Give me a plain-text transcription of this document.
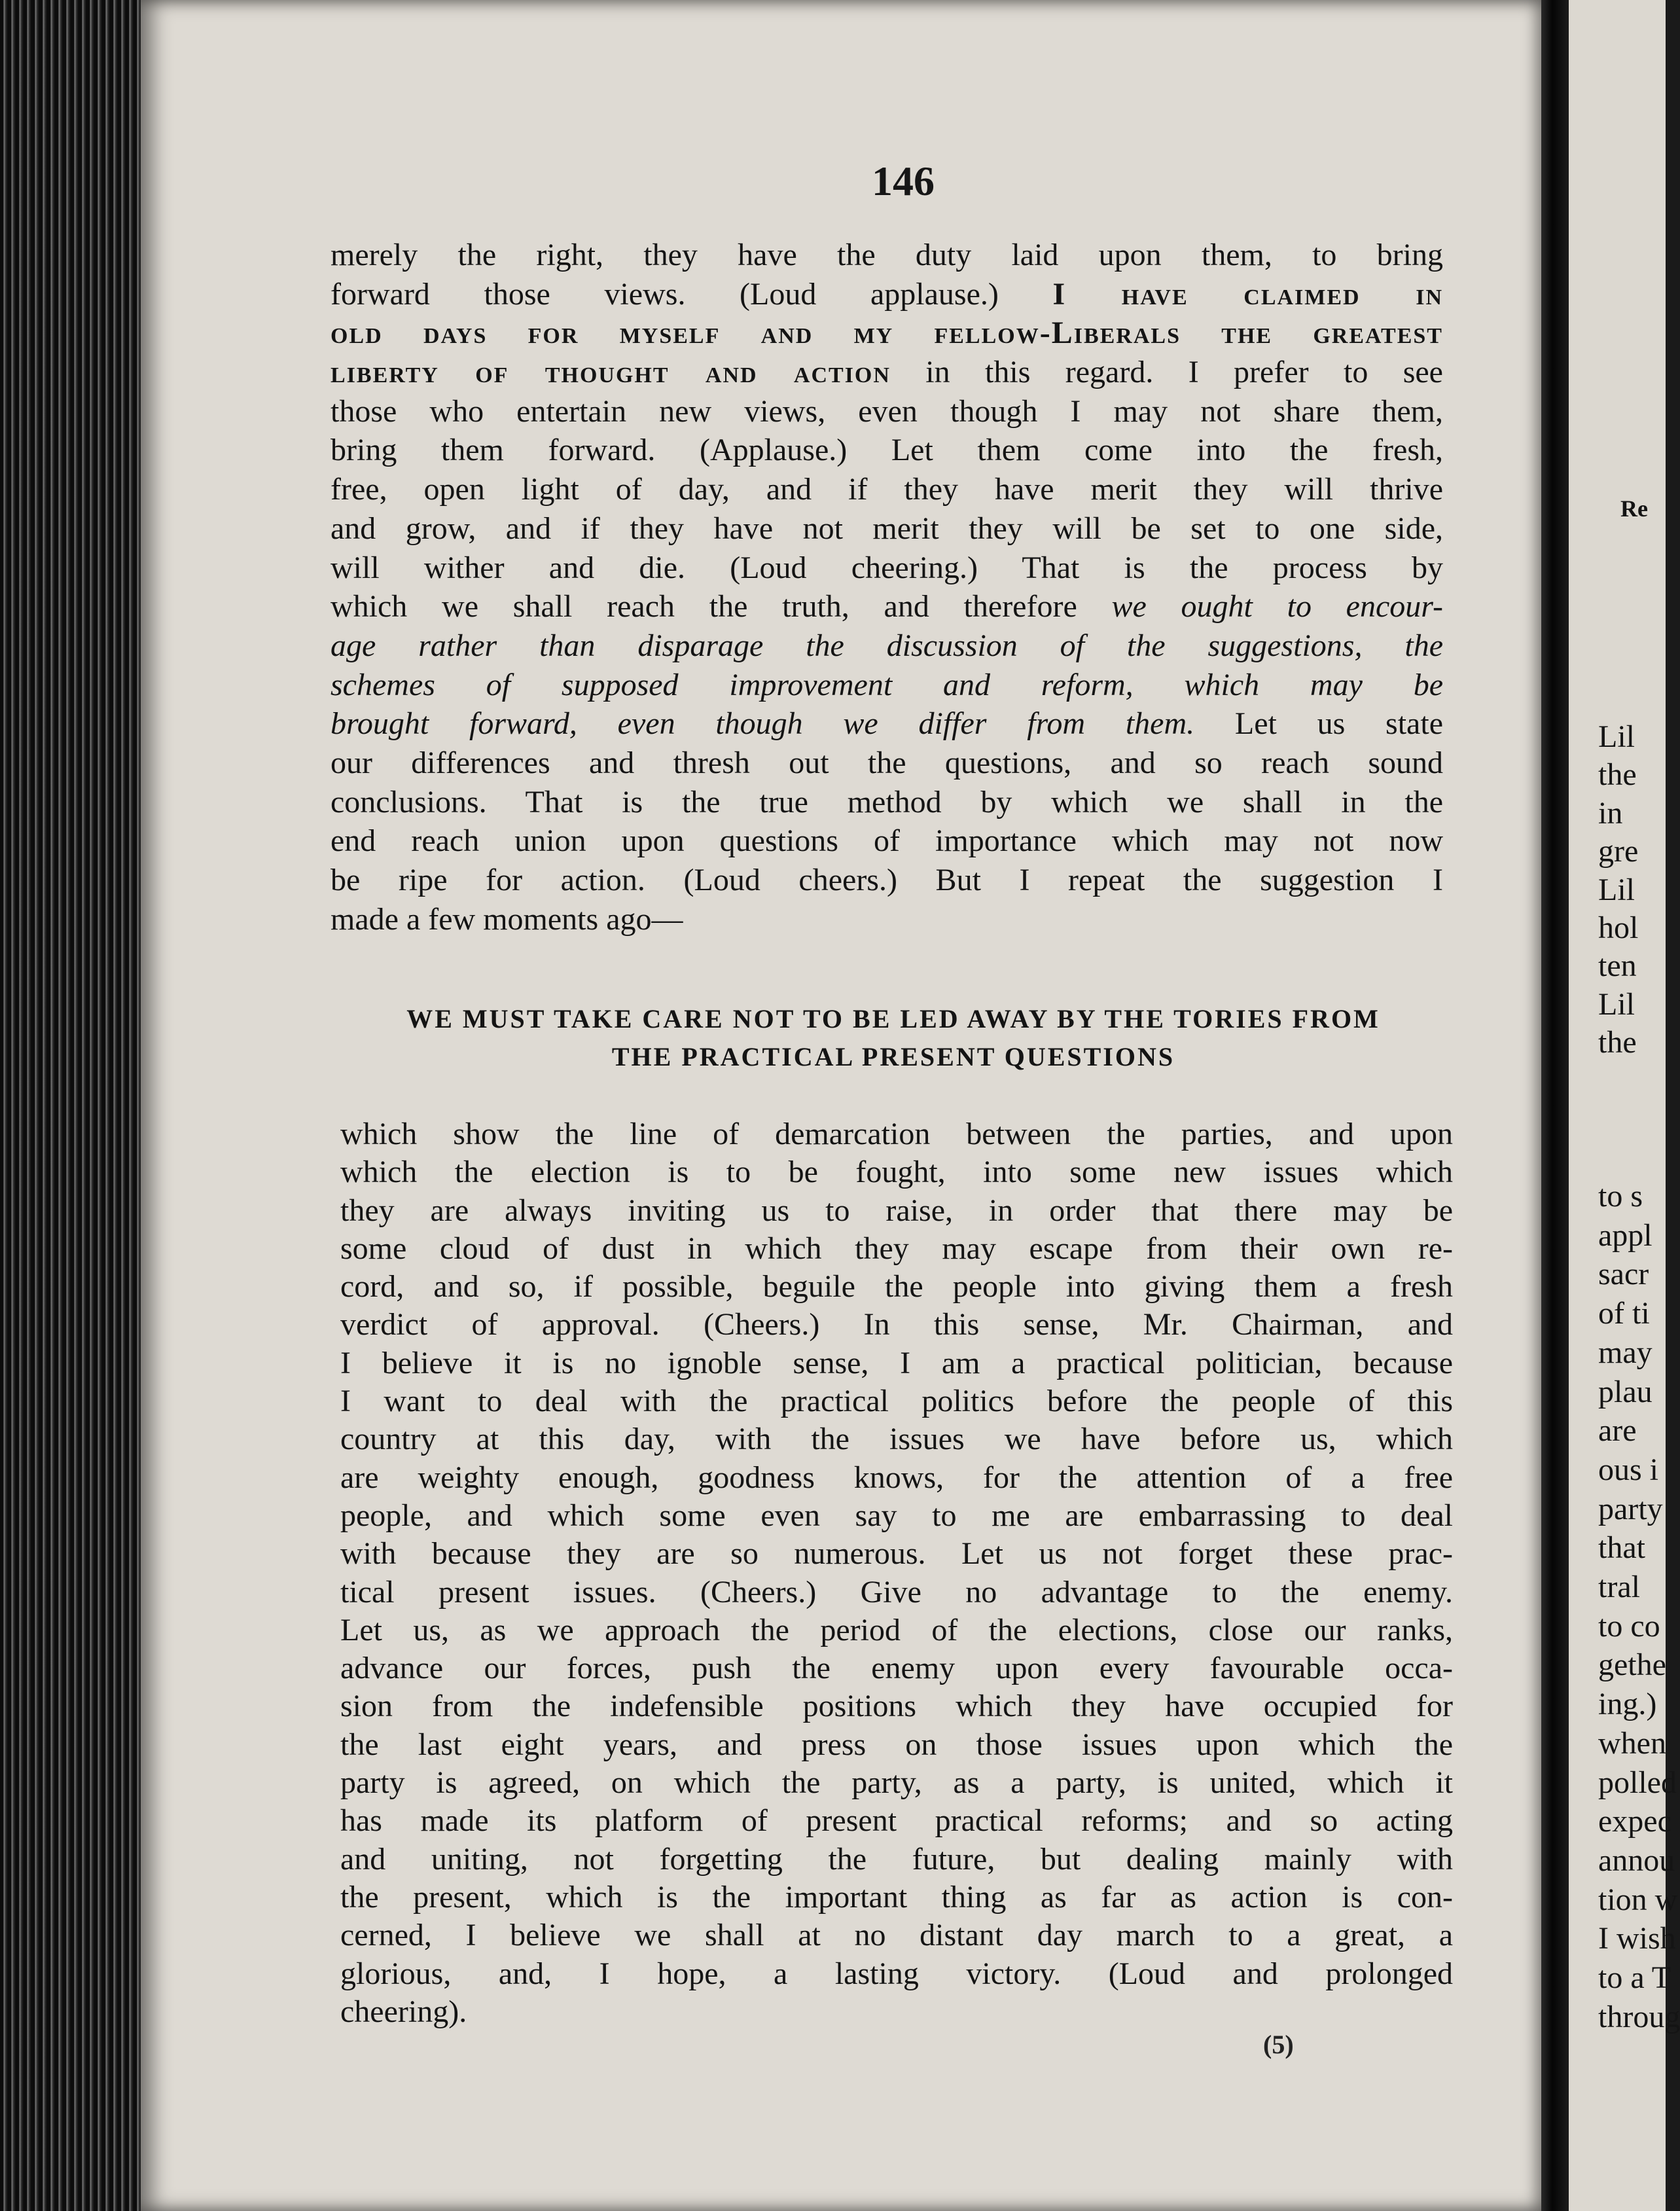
146
merely the right, they have the duty laid upon them, to bring
forward those views. (Loud applause.) I have claimed in
old days for myself and my fellow-Liberals the greatest
liberty of thought and action in this regard. I prefer to see
those who entertain new views, even though I may not share them,
bring them forward. (Applause.) Let them come into the fresh,
free, open light of day, and if they have merit they will thrive
and grow, and if they have not merit they will be set to one side,
will wither and die. (Loud cheering.) That is the process by
which we shall reach the truth, and therefore we ought to encour-
age rather than disparage the discussion of the suggestions, the
schemes of supposed improvement and reform, which may be
brought forward, even though we differ from them. Let us state
our differences and thresh out the questions, and so reach sound
conclusions. That is the true method by which we shall in the
end reach union upon questions of importance which may not now
be ripe for action. (Loud cheers.) But I repeat the suggestion I
made a few moments ago—
WE MUST TAKE CARE NOT TO BE LED AWAY BY THE TORIES FROM
THE PRACTICAL PRESENT QUESTIONS
which show the line of demarcation between the parties, and upon
which the election is to be fought, into some new issues which
they are always inviting us to raise, in order that there may be
some cloud of dust in which they may escape from their own re-
cord, and so, if possible, beguile the people into giving them a fresh
verdict of approval. (Cheers.) In this sense, Mr. Chairman, and
I believe it is no ignoble sense, I am a practical politician, because
I want to deal with the practical politics before the people of this
country at this day, with the issues we have before us, which
are weighty enough, goodness knows, for the attention of a free
people, and which some even say to me are embarrassing to deal
with because they are so numerous. Let us not forget these prac-
tical present issues. (Cheers.) Give no advantage to the enemy.
Let us, as we approach the period of the elections, close our ranks,
advance our forces, push the enemy upon every favourable occa-
sion from the indefensible positions which they have occupied for
the last eight years, and press on those issues upon which the
party is agreed, on which the party, as a party, is united, which it
has made its platform of present practical reforms; and so acting
and uniting, not forgetting the future, but dealing mainly with
the present, which is the important thing as far as action is con-
cerned, I believe we shall at no distant day march to a great, a
glorious, and, I hope, a lasting victory. (Loud and prolonged
cheering).
(5)
Re
Lil
the
in
gre
Lil
hol
ten
Lil
the
to s
appl
sacr
of ti
may
plau
are
ous i
party
that
tral
to co
gethe
ing.)
when
polled
expec
annou
tion w
I wish
to a T
throug
